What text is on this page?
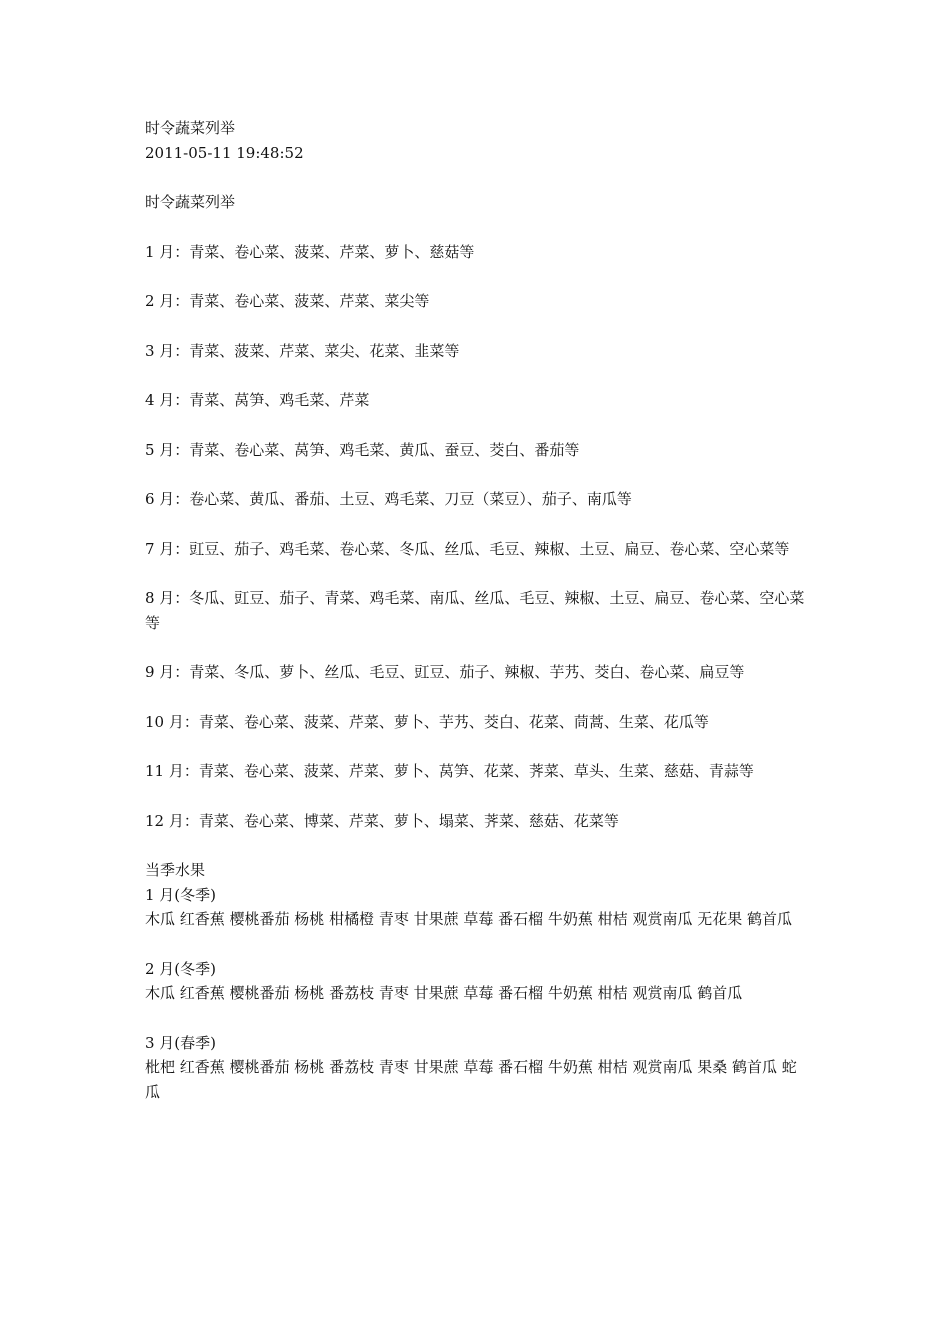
时令蔬菜列举
2011-05-11 19:48:52
时令蔬菜列举
1 月：青菜、卷心菜、菠菜、芹菜、萝卜、慈菇等
2 月：青菜、卷心菜、菠菜、芹菜、菜尖等
3 月：青菜、菠菜、芹菜、菜尖、花菜、韭菜等
4 月：青菜、莴笋、鸡毛菜、芹菜
5 月：青菜、卷心菜、莴笋、鸡毛菜、黄瓜、蚕豆、茭白、番茄等
6 月：卷心菜、黄瓜、番茄、土豆、鸡毛菜、刀豆（菜豆）、茄子、南瓜等
7 月：豇豆、茄子、鸡毛菜、卷心菜、冬瓜、丝瓜、毛豆、辣椒、土豆、扁豆、卷心菜、空心菜等
8 月：冬瓜、豇豆、茄子、青菜、鸡毛菜、南瓜、丝瓜、毛豆、辣椒、土豆、扁豆、卷心菜、空心菜等
9 月：青菜、冬瓜、萝卜、丝瓜、毛豆、豇豆、茄子、辣椒、芋艿、茭白、卷心菜、扁豆等
10 月：青菜、卷心菜、菠菜、芹菜、萝卜、芋艿、茭白、花菜、茼蒿、生菜、花瓜等
11 月：青菜、卷心菜、菠菜、芹菜、萝卜、莴笋、花菜、荠菜、草头、生菜、慈菇、青蒜等
12 月：青菜、卷心菜、博菜、芹菜、萝卜、塌菜、荠菜、慈菇、花菜等
当季水果
1 月(冬季)
木瓜 红香蕉 樱桃番茄 杨桃 柑橘橙 青枣 甘果蔗 草莓 番石榴 牛奶蕉 柑桔 观赏南瓜 无花果 鹤首瓜
2 月(冬季)
木瓜 红香蕉 樱桃番茄 杨桃 番荔枝 青枣 甘果蔗 草莓 番石榴 牛奶蕉 柑桔 观赏南瓜 鹤首瓜
3 月(春季)
枇杷 红香蕉 樱桃番茄 杨桃 番荔枝 青枣 甘果蔗 草莓 番石榴 牛奶蕉 柑桔 观赏南瓜 果桑 鹤首瓜 蛇瓜
